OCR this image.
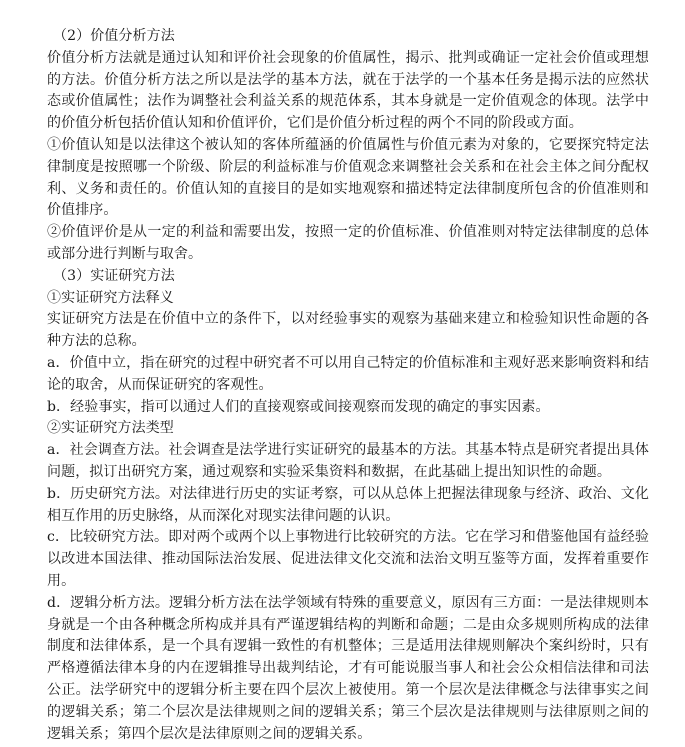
（2）价值分析方法

价值分析方法就是通过认知和评价社会现象的价值属性，揭示、批判或确证一定社会价值或理想的方法。价值分析方法之所以是法学的基本方法，就在于法学的一个基本任务是揭示法的应然状态或价值属性；法作为调整社会利益关系的规范体系，其本身就是一定价值观念的体现。法学中的价值分析包括价值认知和价值评价，它们是价值分析过程的两个不同的阶段或方面。

①价值认知是以法律这个被认知的客体所蕴涵的价值属性与价值元素为对象的，它要探究特定法律制度是按照哪一个阶级、阶层的利益标准与价值观念来调整社会关系和在社会主体之间分配权利、义务和责任的。价值认知的直接目的是如实地观察和描述特定法律制度所包含的价值准则和价值排序。

②价值评价是从一定的利益和需要出发，按照一定的价值标准、价值准则对特定法律制度的总体或部分进行判断与取舍。

（3）实证研究方法

①实证研究方法释义

实证研究方法是在价值中立的条件下，以对经验事实的观察为基础来建立和检验知识性命题的各种方法的总称。

a．价值中立，指在研究的过程中研究者不可以用自己特定的价值标准和主观好恶来影响资料和结论的取舍，从而保证研究的客观性。

b．经验事实，指可以通过人们的直接观察或间接观察而发现的确定的事实因素。

②实证研究方法类型

a．社会调查方法。社会调查是法学进行实证研究的最基本的方法。其基本特点是研究者提出具体问题，拟订出研究方案，通过观察和实验采集资料和数据，在此基础上提出知识性的命题。

b．历史研究方法。对法律进行历史的实证考察，可以从总体上把握法律现象与经济、政治、文化相互作用的历史脉络，从而深化对现实法律问题的认识。

c．比较研究方法。即对两个或两个以上事物进行比较研究的方法。它在学习和借鉴他国有益经验以改进本国法律、推动国际法治发展、促进法律文化交流和法治文明互鉴等方面，发挥着重要作用。

d．逻辑分析方法。逻辑分析方法在法学领域有特殊的重要意义，原因有三方面：一是法律规则本身就是一个由各种概念所构成并具有严谨逻辑结构的判断和命题；二是由众多规则所构成的法律制度和法律体系，是一个具有逻辑一致性的有机整体；三是适用法律规则解决个案纠纷时，只有严格遵循法律本身的内在逻辑推导出裁判结论，才有可能说服当事人和社会公众相信法律和司法公正。法学研究中的逻辑分析主要在四个层次上被使用。第一个层次是法律概念与法律事实之间的逻辑关系；第二个层次是法律规则之间的逻辑关系；第三个层次是法律规则与法律原则之间的逻辑关系；第四个层次是法律原则之间的逻辑关系。
